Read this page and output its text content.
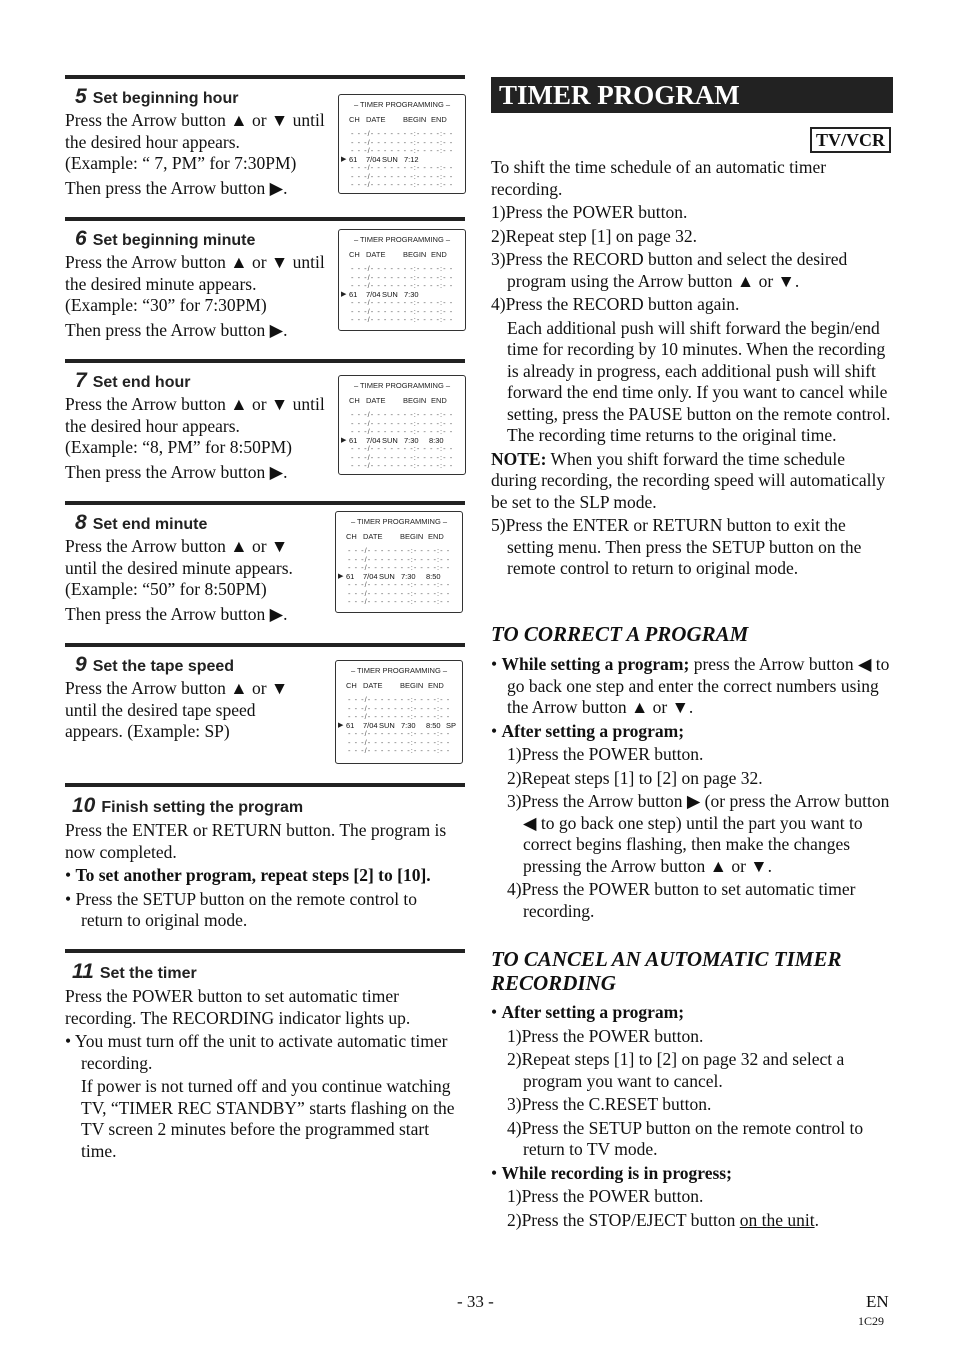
5 Set beginning hour
Press the Arrow button ▲ or ▼ until
the desired hour appears.
(Example: “ 7, PM” for 7:30PM)
Then press the Arrow button ▶.
– TIMER PROGRAMMING –
CH DATE BEGIN END
- - -/- - - - - - -:- - - -:- -
- - -/- - - - - - -:- - - -:- -
- - -/- - - - - - -:- - - -:- -
- - -/- - - - - - -:- - - -:- -
- - -/- - - - - - -:- - - -:- -
- - -/- - - - - - -:- - - -:- -
▶ 61 7/04 SUN 7:12
6 Set beginning minute
Press the Arrow button ▲ or ▼ until
the desired minute appears.
(Example: “30” for 7:30PM)
Then press the Arrow button ▶.
– TIMER PROGRAMMING –
CH DATE BEGIN END
- - -/- - - - - - -:- - - -:- -
- - -/- - - - - - -:- - - -:- -
- - -/- - - - - - -:- - - -:- -
- - -/- - - - - - -:- - - -:- -
- - -/- - - - - - -:- - - -:- -
- - -/- - - - - - -:- - - -:- -
▶ 61 7/04 SUN 7:30
7 Set end hour
Press the Arrow button ▲ or ▼ until
the desired hour appears.
(Example: “8, PM” for 8:50PM)
Then press the Arrow button ▶.
– TIMER PROGRAMMING –
CH DATE BEGIN END
- - -/- - - - - - -:- - - -:- -
- - -/- - - - - - -:- - - -:- -
- - -/- - - - - - -:- - - -:- -
- - -/- - - - - - -:- - - -:- -
- - -/- - - - - - -:- - - -:- -
- - -/- - - - - - -:- - - -:- -
▶ 61 7/04 SUN 7:30 8:30
8 Set end minute
Press the Arrow button ▲ or ▼
until the desired minute appears.
(Example: “50” for 8:50PM)
Then press the Arrow button ▶.
– TIMER PROGRAMMING –
CH DATE BEGIN END
- - -/- - - - - - -:- - - -:- -
- - -/- - - - - - -:- - - -:- -
- - -/- - - - - - -:- - - -:- -
- - -/- - - - - - -:- - - -:- -
- - -/- - - - - - -:- - - -:- -
- - -/- - - - - - -:- - - -:- -
▶ 61 7/04 SUN 7:30 8:50
9 Set the tape speed
Press the Arrow button ▲ or ▼
until the desired tape speed
appears. (Example: SP)
– TIMER PROGRAMMING –
CH DATE BEGIN END
- - -/- - - - - - -:- - - -:- -
- - -/- - - - - - -:- - - -:- -
- - -/- - - - - - -:- - - -:- -
- - -/- - - - - - -:- - - -:- -
- - -/- - - - - - -:- - - -:- -
- - -/- - - - - - -:- - - -:- -
▶ 61 7/04 SUN 7:30 8:50 SP
10 Finish setting the program

Press the ENTER or RETURN button. The program is now completed.

• To set another program, repeat steps [2] to [10].

• Press the SETUP button on the remote control to return to original mode.

11 Set the timer

Press the POWER button to set automatic timer recording. The RECORDING indicator lights up.

• You must turn off the unit to activate automatic timer recording.

If power is not turned off and you continue watching TV, “TIMER REC STANDBY” starts flashing on the TV screen 2 minutes before the programmed start time.

TIMER PROGRAM EXTENSION	TV/VCR

To shift the time schedule of an automatic timer recording.

1)Press the POWER button.

2)Repeat step [1] on page 32.

3)Press the RECORD button and select the desired program using the Arrow button ▲ or ▼.

4)Press the RECORD button again.

Each additional push will shift forward the begin/end time for recording by 10 minutes. When the recording is already in progress, each additional push will shift forward the end time only. If you want to cancel while setting, press the PAUSE button on the remote control. The recording time returns to the original time.

NOTE: When you shift forward the time schedule during recording, the recording speed will automatically be set to the SLP mode.

5)Press the ENTER or RETURN button to exit the setting menu. Then press the SETUP button on the remote control to return to original mode.

TO CORRECT A PROGRAM

• While setting a program; press the Arrow button ◀ to go back one step and enter the correct numbers using the Arrow button ▲ or ▼.

• After setting a program;

1)Press the POWER button.

2)Repeat steps [1] to [2] on page 32.

3)Press the Arrow button ▶ (or press the Arrow button ◀ to go back one step) until the part you want to correct begins flashing, then make the changes pressing the Arrow button ▲ or ▼.

4)Press the POWER button to set automatic timer recording.

TO CANCEL AN AUTOMATIC TIMER
RECORDING

• After setting a program;

1)Press the POWER button.

2)Repeat steps [1] to [2] on page 32 and select a program you want to cancel.

3)Press the C.RESET button.

4)Press the SETUP button on the remote control to return to TV mode.

• While recording is in progress;

1)Press the POWER button.

2)Press the STOP/EJECT button on the unit.

- 33 -	EN
1C29
